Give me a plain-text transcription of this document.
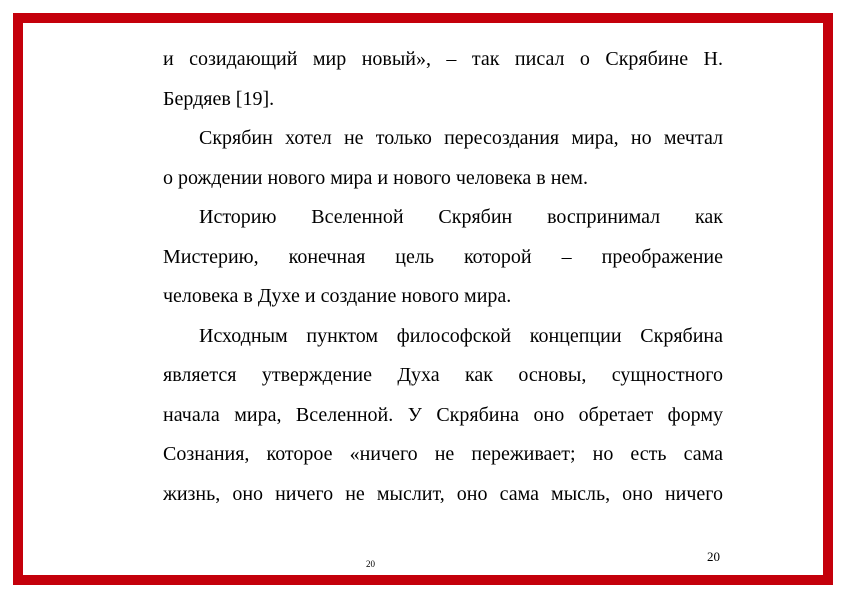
и созидающий мир новый», – так писал о Скрябине Н.
Бердяев [19].
Скрябин хотел не только пересоздания мира, но мечтал
о рождении нового мира и нового человека в нем.
Историю Вселенной Скрябин воспринимал как
Мистерию, конечная цель которой – преображение
человека в Духе и создание нового мира.
Исходным пунктом философской концепции Скрябина
является утверждение Духа как основы, сущностного
начала мира, Вселенной. У Скрябина оно обретает форму
Сознания, которое «ничего не переживает; но есть сама
жизнь, оно ничего не мыслит, оно сама мысль, оно ничего
20	20
